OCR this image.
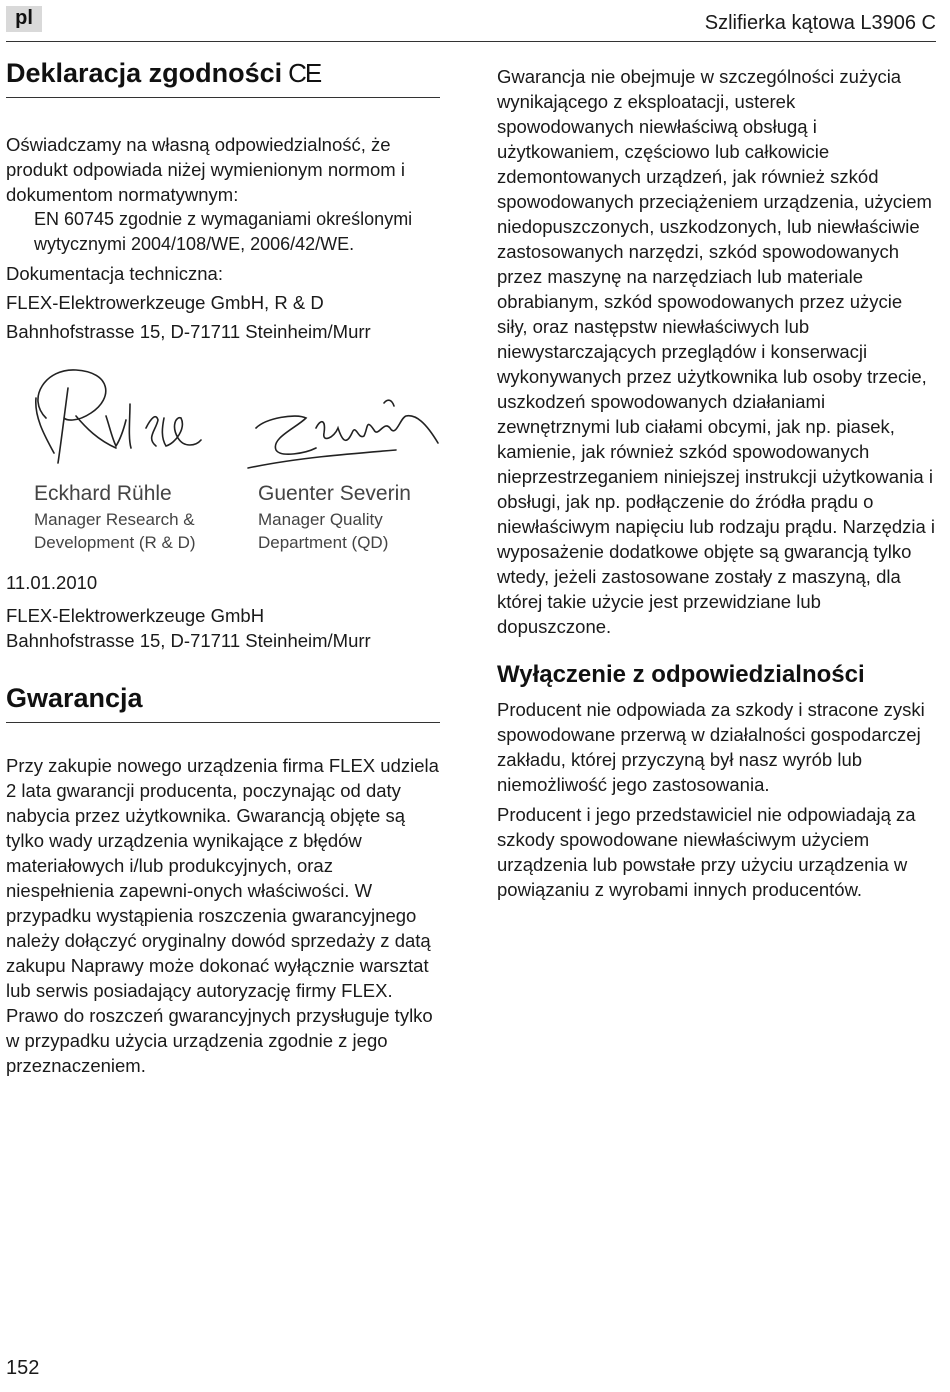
pl	Szlifierka kątowa L3906 C
Deklaracja zgodności CE

Oświadczamy na własną odpowiedzialność, że produkt odpowiada niżej wymienionym normom i dokumentom normatywnym:

EN 60745 zgodnie z wymaganiami określonymi wytycznymi 2004/108/WE, 2006/42/WE.

Dokumentacja techniczna:

FLEX-Elektrowerkzeuge GmbH, R & D

Bahnhofstrasse 15, D-71711 Steinheim/Murr

Eckhard Rühle
Manager Research &
Development (R & D)
Guenter Severin
Manager Quality
Department (QD)

11.01.2010

FLEX-Elektrowerkzeuge GmbH

Bahnhofstrasse 15, D-71711 Steinheim/Murr

Gwarancja

Przy zakupie nowego urządzenia firma FLEX udziela 2 lata gwarancji producenta, poczynając od daty nabycia przez użytkownika. Gwarancją objęte są tylko wady urządzenia wynikające z błędów materiałowych i/lub produkcyjnych, oraz niespełnienia zapewni-onych właściwości. W przypadku wystąpienia roszczenia gwarancyjnego należy dołączyć oryginalny dowód sprzedaży z datą zakupu Naprawy może dokonać wyłącznie warsztat lub serwis posiadający autoryzację firmy FLEX. Prawo do roszczeń gwarancyjnych przysługuje tylko w przypadku użycia urządzenia zgodnie z jego przeznaczeniem.

Gwarancja nie obejmuje w szczególności zużycia wynikającego z eksploatacji, usterek spowodowanych niewłaściwą obsługą i użytkowaniem, częściowo lub całkowicie zdemontowanych urządzeń, jak również szkód spowodowanych przeciążeniem urządzenia, użyciem niedopuszczonych, uszkodzonych, lub niewłaściwie zastosowanych narzędzi, szkód spowodowanych przez maszynę na narzędziach lub materiale obrabianym, szkód spowodowanych przez użycie siły, oraz następstw niewłaściwych lub niewystarczających przeglądów i konserwacji wykonywanych przez użytkownika lub osoby trzecie, uszkodzeń spowodowanych działaniami zewnętrznymi lub ciałami obcymi, jak np. piasek, kamienie, jak również szkód spowodowanych nieprzestrzeganiem niniejszej instrukcji użytkowania i obsługi, jak np. podłączenie do źródła prądu o niewłaściwym napięciu lub rodzaju prądu. Narzędzia i wyposażenie dodatkowe objęte są gwarancją tylko wtedy, jeżeli zastosowane zostały z maszyną, dla której takie użycie jest przewidziane lub dopuszczone.

Wyłączenie z odpowiedzialności

Producent nie odpowiada za szkody i stracone zyski spowodowane przerwą w działalności gospodarczej zakładu, której przyczyną był nasz wyrób lub niemożliwość jego zastosowania.

Producent i jego przedstawiciel nie odpowiadają za szkody spowodowane niewłaściwym użyciem urządzenia lub powstałe przy użyciu urządzenia w powiązaniu z wyrobami innych producentów.

152
